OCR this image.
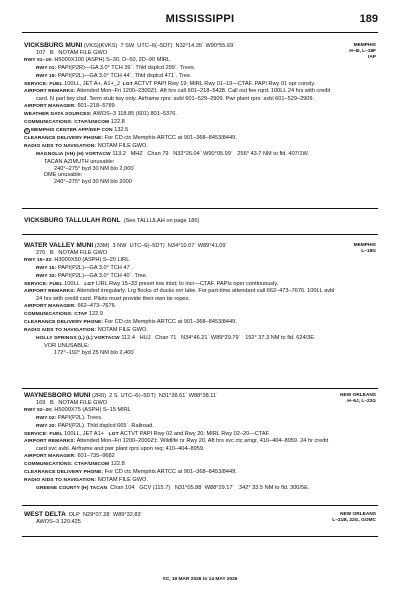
MISSISSIPPI	189
MEMPHIS
H–6I, L–18F
IAP
VICKSBURG MUNI (VKS)(KVKS) 7 SW UTC–6(–5DT) N32°14.35´ W90°55.69´
107 B NOTAM FILE GWO
RWY 01–19: H5000X100 (ASPH) S–30, D–50, 2D–90 MIRL
RWY 01: PAPI(P2R)—GA 3.0° TCH 39´. Thld dsplcd 299´. Trees.
RWY 19: PAPI(P2L)—GA 3.0° TCH 44´. Thld dsplcd 471´. Tree.
SERVICE: FUEL 100LL, JET A+, A1+_J LGT ACTVT PAPI Rwy 19; MIRL Rwy 01–19—CTAF. PAPI Rwy 01 opr consly.
AIRPORT REMARKS: Attended Mon–Fri 1200–2300Z‡. Aft hrs call 601–218–5428. Call out fee rqrd. 100LL 24 hrs with credit
card. N parl twy clsd. Term stub twy only. Airframe rprs: avbl 601–529–2909. Pwr plant rprs: avbl 601–529–2909.
AIRPORT MANAGER: 601–218–5789
WEATHER DATA SOURCES: AWOS–3 118.85 (601) 801–5376.
COMMUNICATIONS: CTAF/UNICOM 122.8
R MEMPHIS CENTER APP/DEP CON 132.5
CLEARANCE DELIVERY PHONE: For CD ctc Memphis ARTCC at 901–368–8453/8449.
RADIO AIDS TO NAVIGATION: NOTAM FILE GWO.
MAGNOLIA (VH) (H) VORTACW 113.2 MHZ Chan 79 N32°26.04´ W90°05.99´ 256° 43.7 NM to fld. 407/1W.
TACAN AZIMUTH unusable:
240°–275° byd 30 NM blo 2,000´
DME unusable:
240°–275° byd 30 NM blo 2000´
VICKSBURG TALLULAH RGNL (See TALLULAH on page 186)
MEMPHIS
L–18G
WATER VALLEY MUNI (33M) 3 NW UTC–6(–5DT) N34°10.07´ W89°41.09´
270 B NOTAM FILE GWO
RWY 15–33: H3000X50 (ASPH) S–20 LIRL
RWY 15: PAPI(P2L)—GA 3.0° TCH 47´.
RWY 33: PAPI(P2L)—GA 3.0° TCH 40´. Tree.
SERVICE: FUEL 100LL LGT LIRL Rwy 15–33 preset low intst; to incr—CTAF. PAPIs oper continuously.
AIRPORT REMARKS: Attended irregularly. Lrg flocks of ducks ovr lake. For part-time attendant call 662–473–7676. 100LL avbl
24 hrs with credit card. Pilots must provide their own tie ropes.
AIRPORT MANAGER: 662–473–7676
COMMUNICATIONS: CTAF 122.9
CLEARANCE DELIVERY PHONE: For CD ctc Memphis ARTCC at 901–368–8453/8449.
RADIO AIDS TO NAVIGATION: NOTAM FILE GWO.
HOLLY SPRINGS (L) (L) VORTACW 112.4 HUJ Chan 71 N34°46.21´ W89°29.79´ 192° 37.3 NM to fld. 624/3E.
VOR UNUSABLE:
172°–192° byd 25 NM blo 2,400´
NEW ORLEANS
H–6J, L–22G
WAYNESBORO MUNI (2R0) 2 S UTC–6(–5DT) N31°38.61´ W88°38.11´
169 B NOTAM FILE GWO
RWY 02–20: H5000X75 (ASPH) S–15 MIRL
RWY 02: PAPI(P2L). Trees.
RWY 20: PAPI(P2L). Thld dsplcd 665´. Railroad.
SERVICE: FUEL 100LL, JET A1+ LGT ACTVT PAPI Rwy 02 and Rwy 20; MIRL Rwy 02–20—CTAF.
AIRPORT REMARKS: Attended Mon–Fri 1200–2000Z‡. Wildlife nr Rwy 20. Aft hrs svc ctc amgr, 410–404–8959. 24 hr credit
card svc avbl. Airframe and pwr plant rprs upon req: 410–404–8959.
AIRPORT MANAGER: 601–735–9682
COMMUNICATIONS: CTAF/UNICOM 122.8
CLEARANCE DELIVERY PHONE: For CD ctc Memphis ARTCC at 901–368–8453/8449.
RADIO AIDS TO NAVIGATION: NOTAM FILE GWO.
GREENE COUNTY (H) TACAN Chan 104 GCV (115.7) N31°05.88´ W88°29.17´ 342° 33.5 NM to fld. 300/5E.
NEW ORLEANS
L–21B, 22G, GOMC
WEST DELTA DLP N29°07.28´ W89°32.83´
AWOS–3 120.425
SC, 19 MAR 2026 to 14 MAY 2026
